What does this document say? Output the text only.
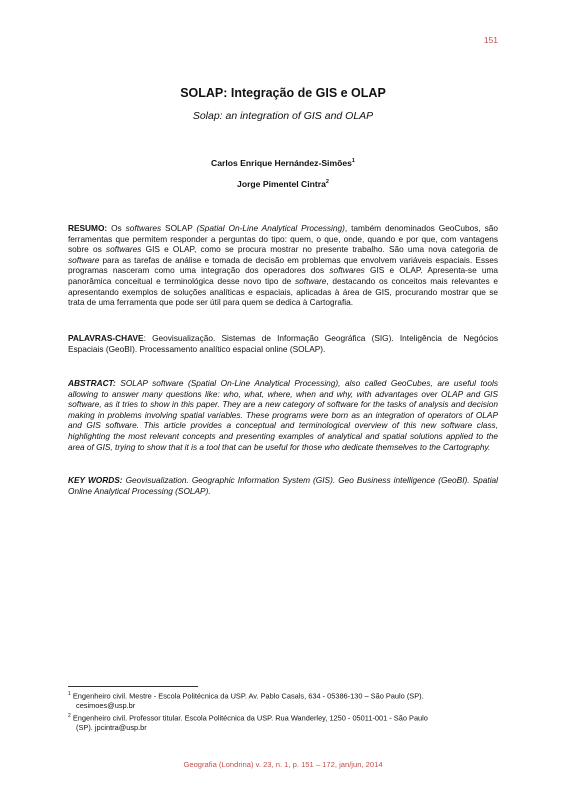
151
SOLAP: Integração de GIS e OLAP

Solap: an integration of GIS and OLAP

Carlos Enrique Hernández-Simões$^1$

Jorge Pimentel Cintra$^2$

RESUMO: Os softwares SOLAP (Spatial On-Line Analytical Processing), também denominados GeoCubos, são ferramentas que permitem responder a perguntas do tipo: quem, o que, onde, quando e por que, com vantagens sobre os softwares GIS e OLAP, como se procura mostrar no presente trabalho. São uma nova categoria de software para as tarefas de análise e tomada de decisão em problemas que envolvem variáveis espaciais. Esses programas nasceram como uma integração dos operadores dos softwares GIS e OLAP. Apresenta-se uma panorâmica conceitual e terminológica desse novo tipo de software, destacando os conceitos mais relevantes e apresentando exemplos de soluções analíticas e espaciais, aplicadas à área de GIS, procurando mostrar que se trata de uma ferramenta que pode ser útil para quem se dedica à Cartografia.

PALAVRAS-CHAVE: Geovisualização. Sistemas de Informação Geográfica (SIG). Inteligência de Negócios Espaciais (GeoBI). Processamento analítico espacial online (SOLAP).

ABSTRACT: SOLAP software (Spatial On-Line Analytical Processing), also called GeoCubes, are useful tools allowing to answer many questions like: who, what, where, when and why, with advantages over OLAP and GIS software, as it tries to show in this paper. They are a new category of software for the tasks of analysis and decision making in problems involving spatial variables. These programs were born as an integration of operators of OLAP and GIS software. This article provides a conceptual and terminological overview of this new software class, highlighting the most relevant concepts and presenting examples of analytical and spatial solutions applied to the area of GIS, trying to show that it is a tool that can be useful for those who dedicate themselves to the Cartography.

KEY WORDS: Geovisualization. Geographic Information System (GIS). Geo Business intelligence (GeoBI). Spatial Online Analytical Processing (SOLAP).

$^1$ Engenheiro civil. Mestre - Escola Politécnica da USP. Av. Pablo Casals, 634 - 05386-130 – São Paulo (SP).
cesimoes@usp.br

$^2$ Engenheiro civil. Professor titular. Escola Politécnica da USP. Rua Wanderley, 1250 - 05011-001 - São Paulo
(SP). jpcintra@usp.br

Geografia (Londrina) v. 23, n. 1, p. 151 – 172, jan/jun, 2014
